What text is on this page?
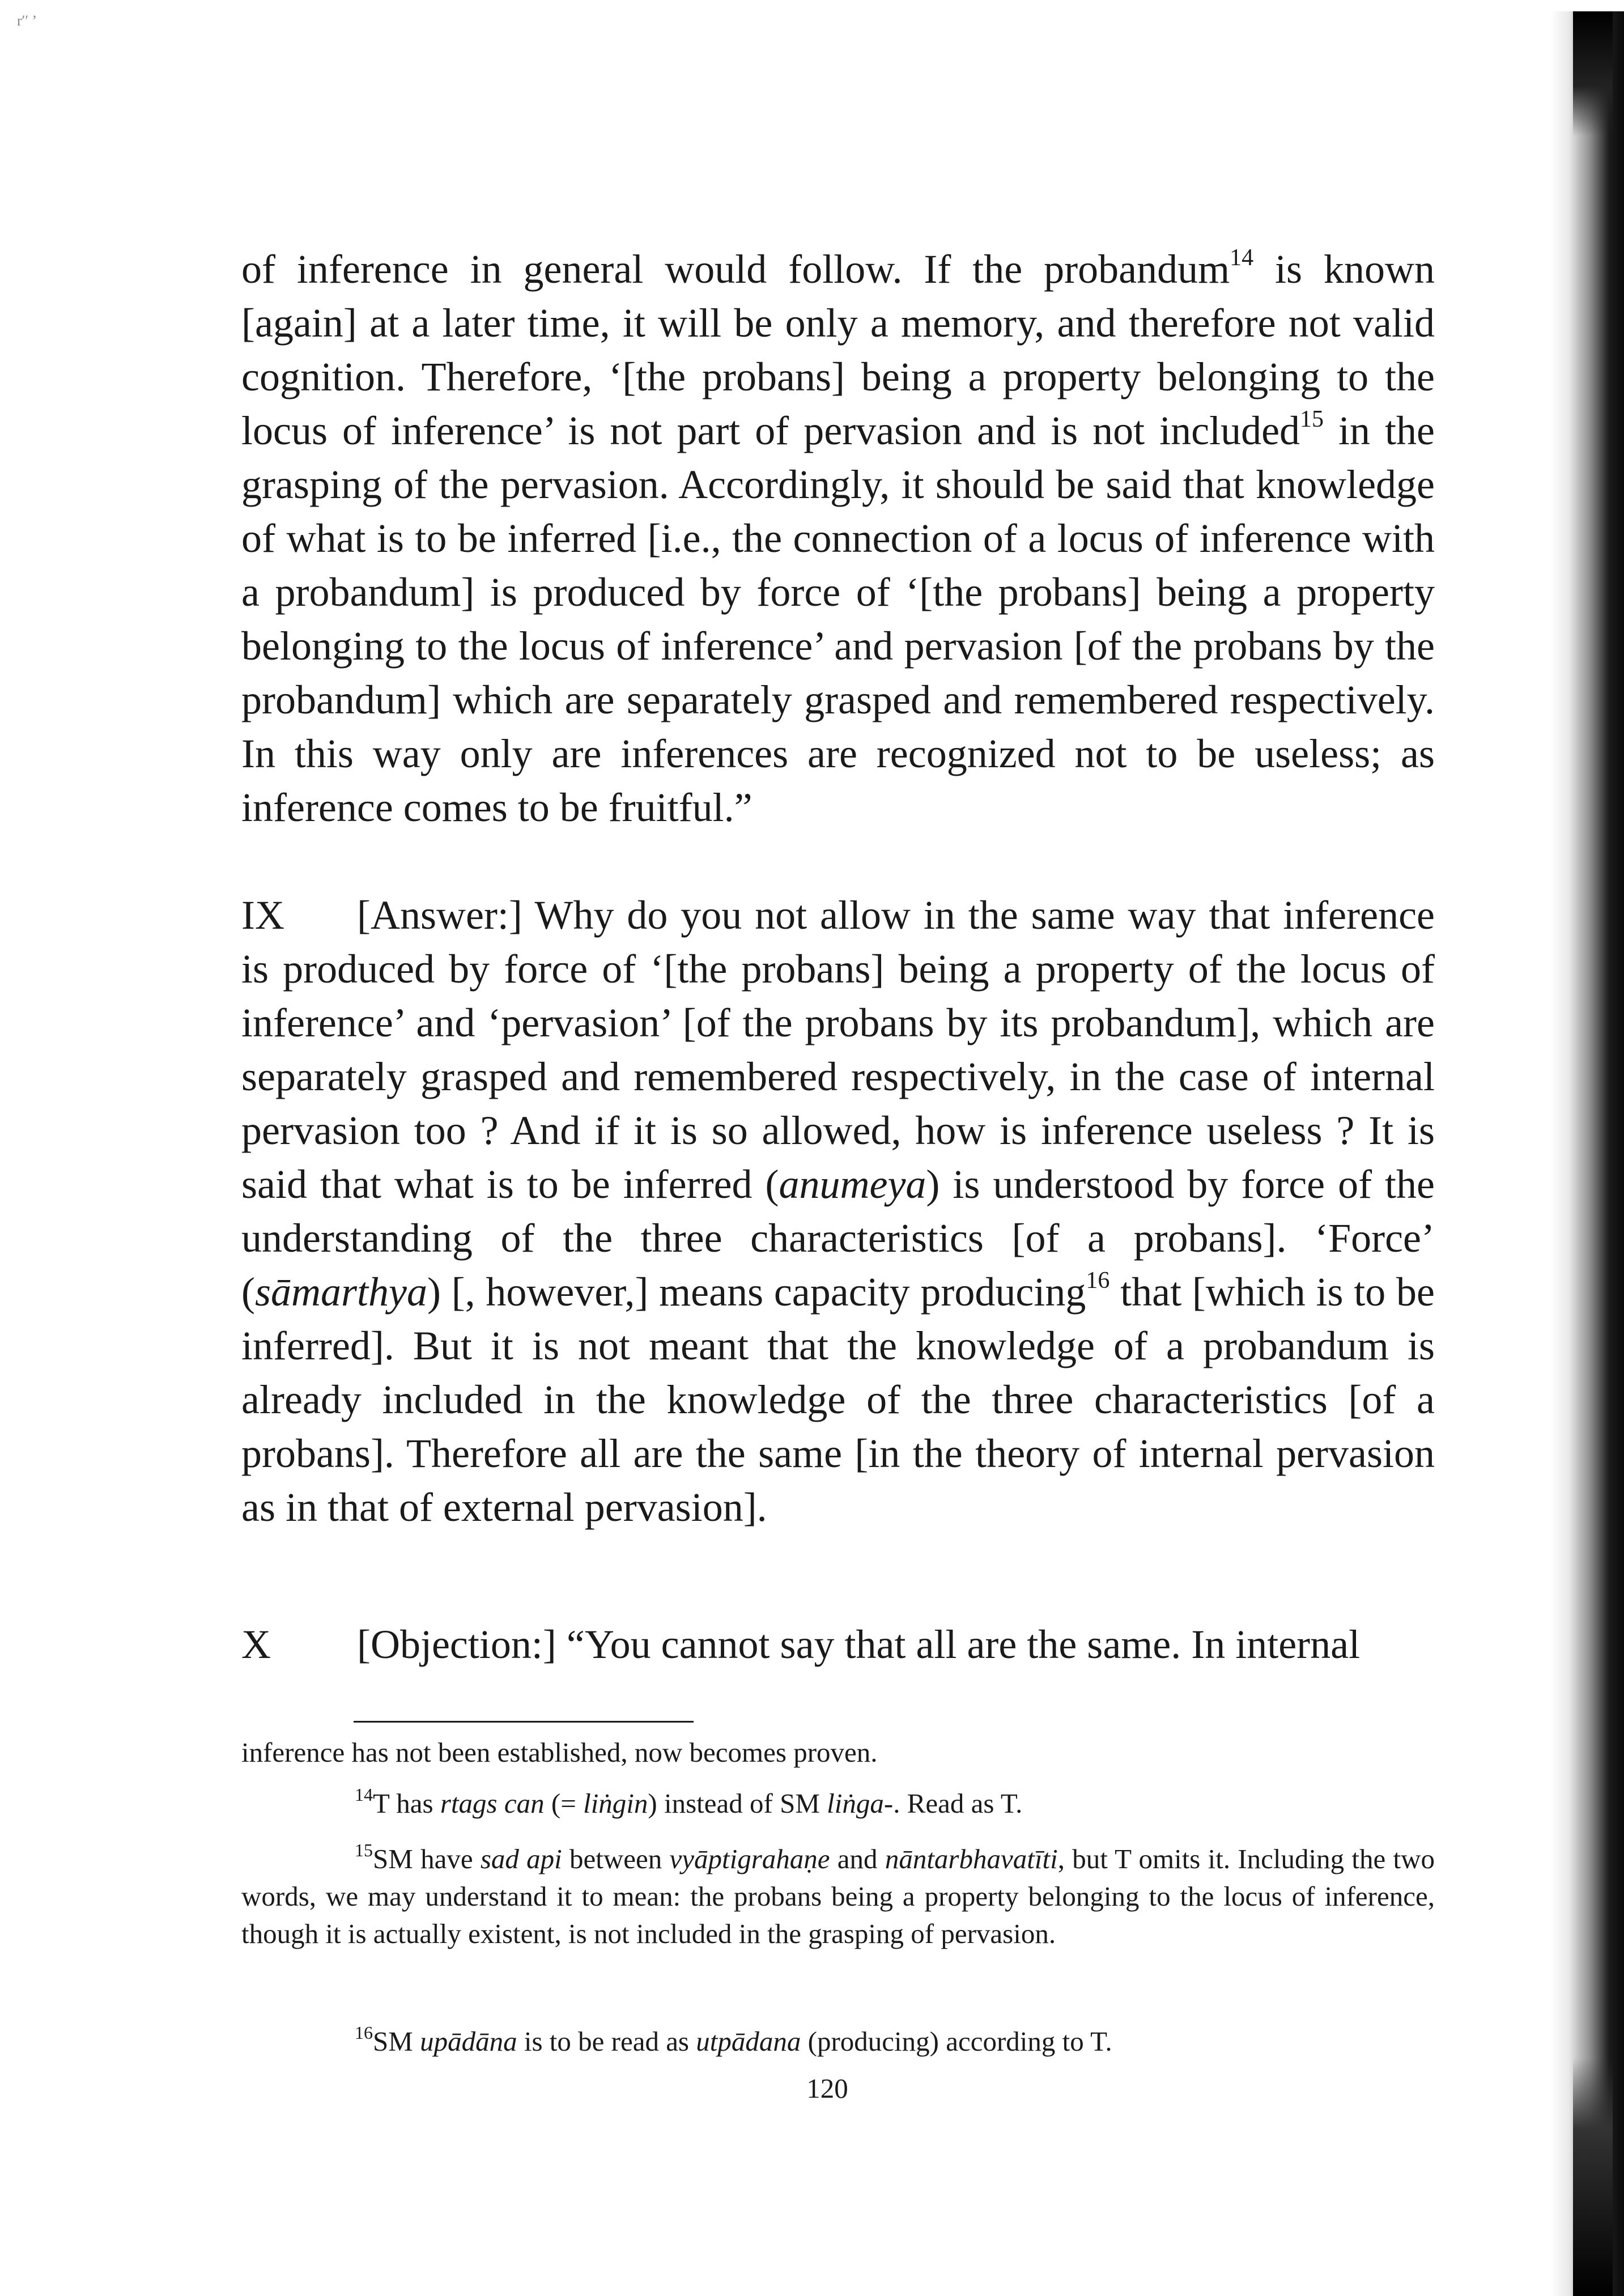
r′′ ʼ

of inference in general would follow. If the probandum$^{14}$ is known [again] at a later time, it will be only a memory, and therefore not valid cognition. Therefore, ‘[the probans] being a property belonging to the locus of inference’ is not part of pervasion and is not included$^{15}$ in the grasping of the pervasion. Accordingly, it should be said that knowledge of what is to be inferred [i.e., the connection of a locus of inference with a probandum] is produced by force of ‘[the probans] being a property belonging to the locus of inference’ and pervasion [of the probans by the probandum] which are separately grasped and remembered respectively. In this way only are inferences are recognized not to be useless; as inference comes to be fruitful.”

IX [Answer:] Why do you not allow in the same way that inference is produced by force of ‘[the probans] being a property of the locus of inference’ and ‘pervasion’ [of the probans by its probandum], which are separately grasped and remembered respectively, in the case of internal pervasion too ? And if it is so allowed, how is inference useless ? It is said that what is to be inferred (anumeya) is understood by force of the understanding of the three characteristics [of a probans]. ‘Force’ (sāmarthya) [, however,] means capacity producing$^{16}$ that [which is to be inferred]. But it is not meant that the knowledge of a probandum is already included in the knowledge of the three characteristics [of a probans]. Therefore all are the same [in the theory of internal pervasion as in that of external pervasion].

X [Objection:] “You cannot say that all are the same. In internal

inference has not been established, now becomes proven.

$^{14}$T has rtags can (= liṅgin) instead of SM liṅga-. Read as T.

$^{15}$SM have sad api between vyāptigrahaṇe and nāntarbhavatīti, but T omits it. Including the two words, we may understand it to mean: the probans being a property belonging to the locus of inference, though it is actually existent, is not included in the grasping of pervasion.

$^{16}$SM upādāna is to be read as utpādana (producing) according to T.

120
